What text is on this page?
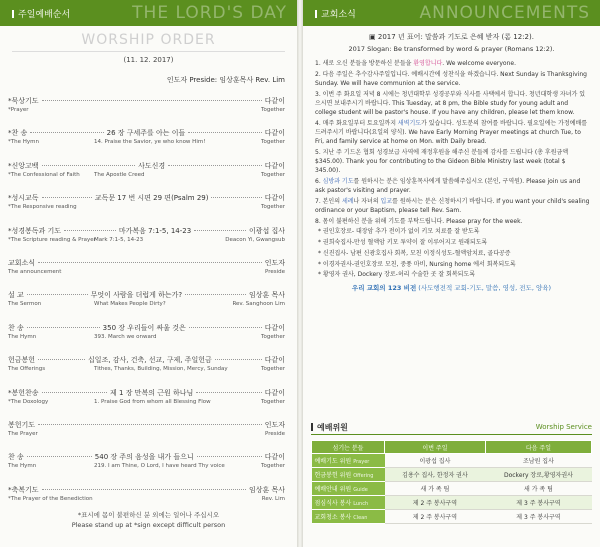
주일예배순서	THE LORD'S DAY
WORSHIP ORDER
(11. 12. 2017)
인도자 Preside: 임상훈목사 Rev. Lim
*묵상기도	다같이
*Prayer	Together
*찬 송	26 장 구세주를 아는 이들	다같이
*The Hymn	14. Praise the Savior, ye who know Him!	Together
*신앙고백	사도신경	다같이
*The Confessional of Faith	The Apostle Creed	Together
*성시교독	교독문 17 번 시편 29 편(Psalm 29)	다같이
*The Responsive reading	Together
*성경봉독과 기도	마가복음 7:1-5, 14-23	이광섭 집사
*The Scripture reading & Prayer
Mark 7:1-5, 14-23	Deacon Yi, Gwangsub
교회소식	인도자
The announcement	Preside
설 교	무엇이 사람을 더럽게 하는가?	임상훈 목사
The Sermon	What Makes People Dirty?	Rev. Sanghoon Lim
찬 송	350 장 우리들이 싸울 것은	다같이
The Hymn	393. March we onward	Together
헌금봉헌	십일조, 감사, 건축, 선교, 구제, 주일헌금	다같이
The Offerings	Tithes, Thanks, Building, Mission, Mercy, Sunday	Together
*봉헌찬송	제 1 장 만복의 근원 하나님	다같이
*The Doxology	1. Praise God from whom all Blessing Flow	Together
봉헌기도	인도자
The Prayer	Preside
찬 송	540 장 주의 음성을 내가 들으니	다같이
The Hymn	219. I am Thine, O Lord, I have heard Thy voice	Together
*축복기도	임상훈 목사
*The Prayer of the Benediction	Rev. Lim
*표시에 몸이 불편하신 분 외에는 일어나 주십시오
Please stand up at *sign except difficult person
교회소식	ANNOUNCEMENTS
▣ 2017 년 표어: 말씀과 기도로 은혜 받자 (롬 12:2).
2017 Slogan: Be transformed by word & prayer (Romans 12:2).

1. 새로 오신 분들을 방문하신 분들을 환영합니다. We welcome everyone.

2. 다음 주일은 추수감사주일입니다. 예배시간에 성찬식을 하겠습니다. Next Sunday is Thanksgiving Sunday. We will have communion at the service.

3. 이번 주 화요일 저녁 8 시에는 청년대학부 성경공부와 식사를 사택에서 합니다. 청년대학생 자녀가 있으시면 보내주시기 바랍니다. This Tuesday, at 8 pm, the Bible study for young adult and college student will be pastor's house. If you have any children, please let them know.

4. 매주 화요일부터 토요일까지 새벽기도가 있습니다. 성도분의 참여를 바랍니다. 필요일에는 가정예배를 드려주시기 바랍니다(요일의 양식). We have Early Morning Prayer meetings at church Tue, to Fri, and family service at home on Mon. with Daily bread.

5. 지난 주 기드온 협회 성경보급 사역에 재정후원을 해주신 분들께 감사를 드립니다 (총 후원금액 $345.00). Thank you for contributing to the Gideon Bible Ministry last week (total $ 345.00).

6. 심방과 기도를 원하시는 분은 임상훈목사에게 말씀해주십시오 (본인, 구역원). Please join us and ask pastor's visiting and prayer.

7. 본인의 세례나 자녀의 입교를 원하시는 분은 신청하시기 바랍니다. If you want your child's sealing ordinance or your Baptism, please tell Rev. Sam.

8. 몸이 불편하신 분을 위해 기도를 부탁드립니다. Please pray for the week.

* 권인호장로- 대장암 추가 전이가 없이 키모 치료를 잘 받도록

* 권희숙집사-만성 혈액암 키모 투약이 잘 이루어지고 원래되도록

* 신진집사- 남편 신광호집사 회복, 모친 이정식성도-혈액암치료, 골다공증

* 이경자권사-권인호장로 모친, 중풍 마비, Nursing home 에서 회복되도록

* 황영자 권사, Dockery 장로-허리 수술한 곳 잘 회복되도록

우리 교회의 123 비전 (사도행전적 교회-기도, 말씀, 영성, 전도, 양육)
예배위원	Worship Service
섬기는 분들	이번 주일	다음 주일
예배기도 위원 Prayer	이광섭 집사	조남원 집사
헌금봉헌 위원 Offering	김용수 집사, 한정자 권사	Dockery 장로,황영자권사
예배안내 위원 Guide	새 가 족 팀	새 가 족 팀
점심식사 봉사 Lunch	제 2 주 봉사구역	제 3 주 봉사구역
교회청소 봉사 Clean	제 2 주 봉사구역	제 3 주 봉사구역
